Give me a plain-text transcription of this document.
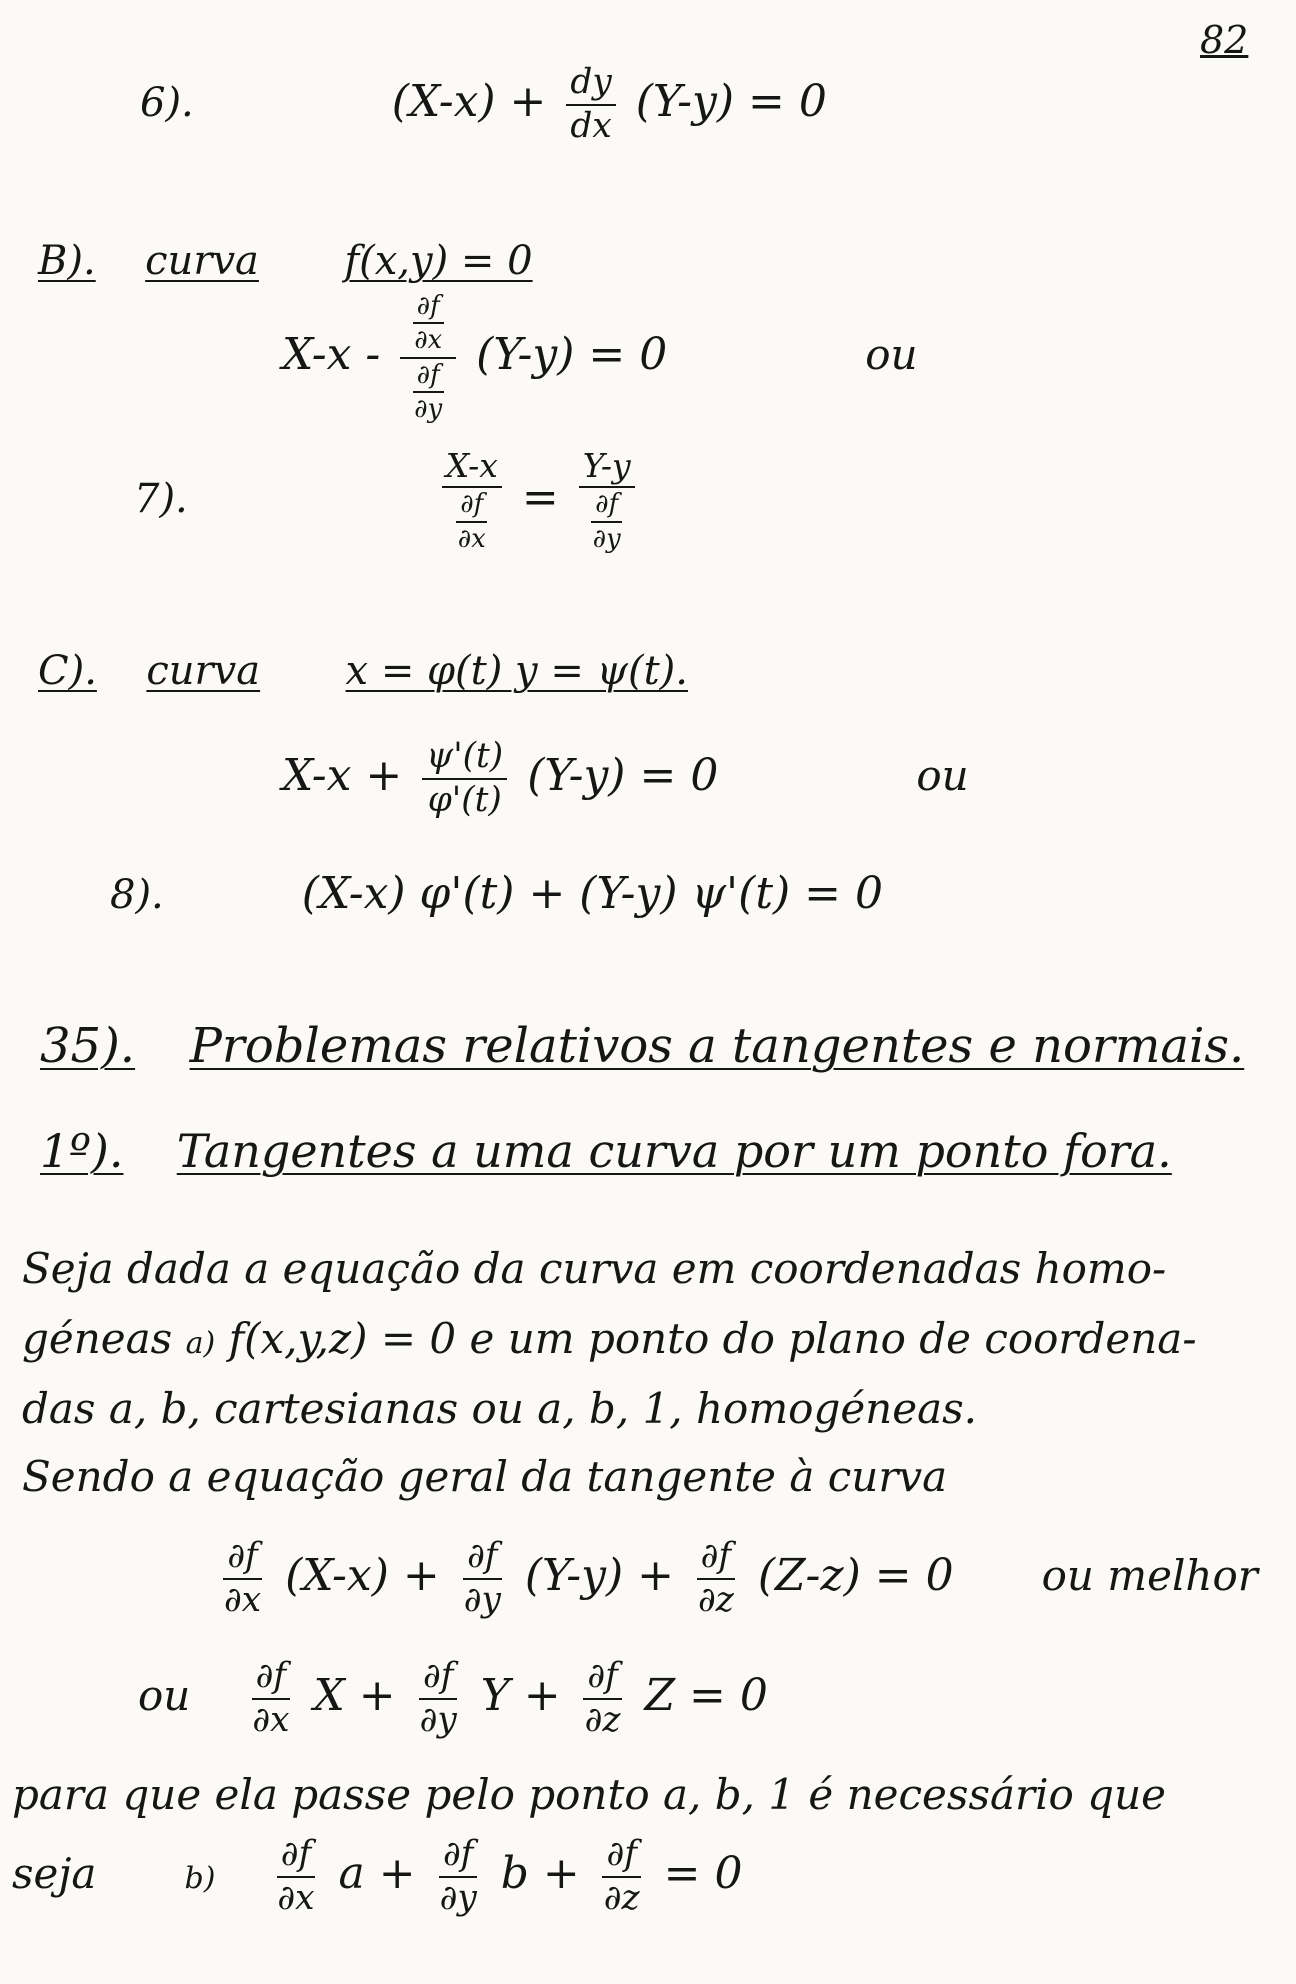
82
6).	$(X-x) + \frac{dy}{dx} (Y-y) = 0$
B). curva f(x,y) = 0
$X-x - \frac{\frac{\partial f}{\partial x}}{\frac{\partial f}{\partial y}} (Y-y) = 0$	ou
7).	$\frac{X-x}{\frac{\partial f}{\partial x}} = \frac{Y-y}{\frac{\partial f}{\partial y}}$
C). curva x = φ(t) y = ψ(t).
$X-x + \frac{\psi'(t)}{\varphi'(t)} (Y-y) = 0$	ou
8).	(X-x) φ'(t) + (Y-y) ψ'(t) = 0
35). Problemas relativos a tangentes e normais.
1º). Tangentes a uma curva por um ponto fora.
Seja dada a equação da curva em coordenadas homo-
géneas a) f(x,y,z) = 0 e um ponto do plano de coordena-
das a, b, cartesianas ou a, b, 1, homogéneas.
Sendo a equação geral da tangente à curva
$\frac{\partial f}{\partial x} (X-x) + \frac{\partial f}{\partial y} (Y-y) + \frac{\partial f}{\partial z} (Z-z) = 0$ ou melhor
ou $\frac{\partial f}{\partial x}$ $X + \frac{\partial f}{\partial y}$ $Y + \frac{\partial f}{\partial z}$ Z = 0
para que ela passe pelo ponto a, b, 1 é necessário que
seja	$b) \frac{\partial f}{\partial x}$ $a + \frac{\partial f}{\partial y}$ $b + \frac{\partial f}{\partial z} = 0$
